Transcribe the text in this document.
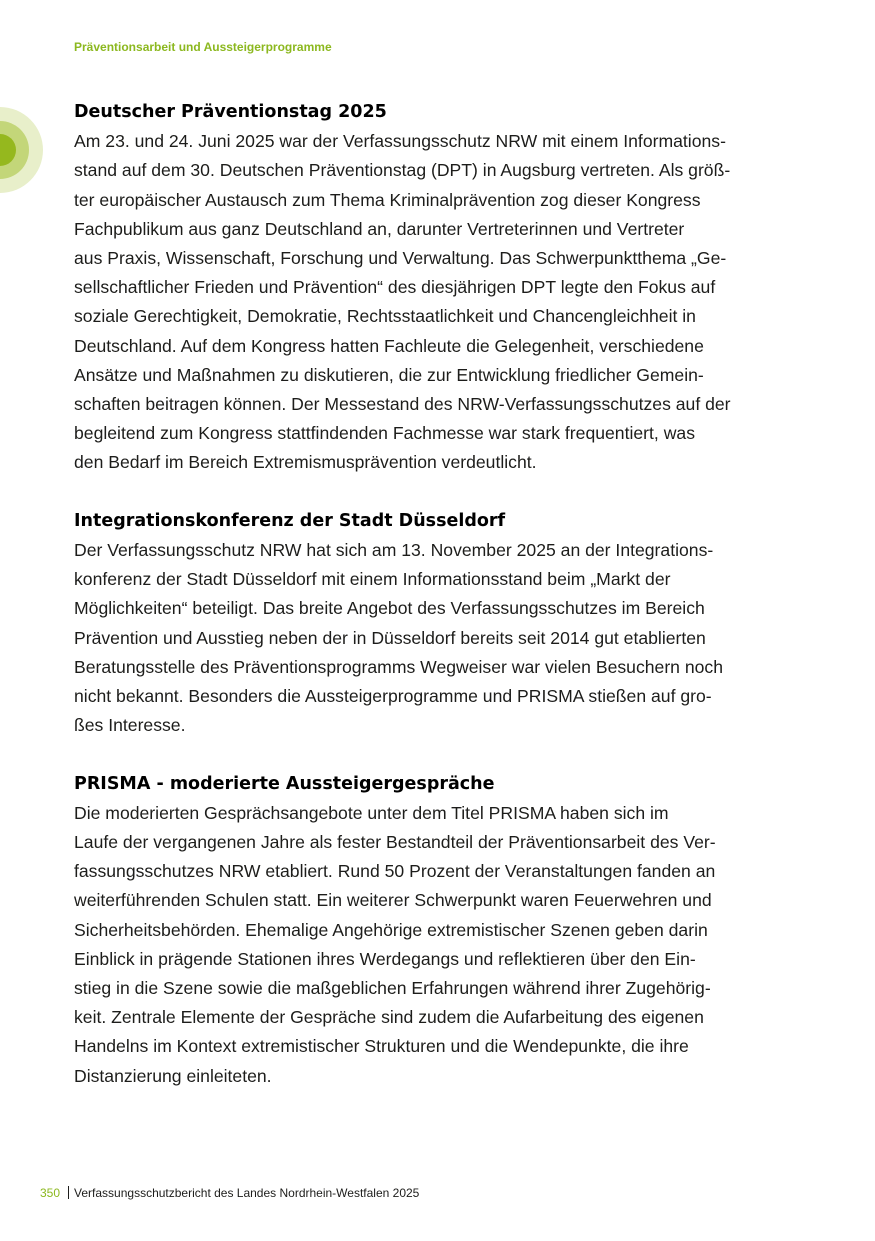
Präventionsarbeit und Aussteigerprogramme
Deutscher Präventionstag 2025
Am 23. und 24. Juni 2025 war der Verfassungsschutz NRW mit einem Informations-
stand auf dem 30. Deutschen Präventionstag (DPT) in Augsburg vertreten. Als größ-
ter europäischer Austausch zum Thema Kriminalprävention zog dieser Kongress
Fachpublikum aus ganz Deutschland an, darunter Vertreterinnen und Vertreter
aus Praxis, Wissenschaft, Forschung und Verwaltung. Das Schwerpunktthema „Ge-
sellschaftlicher Frieden und Prävention“ des diesjährigen DPT legte den Fokus auf
soziale Gerechtigkeit, Demokratie, Rechtsstaatlichkeit und Chancengleichheit in
Deutschland. Auf dem Kongress hatten Fachleute die Gelegenheit, verschiedene
Ansätze und Maßnahmen zu diskutieren, die zur Entwicklung friedlicher Gemein-
schaften beitragen können. Der Messestand des NRW-Verfassungsschutzes auf der
begleitend zum Kongress stattfindenden Fachmesse war stark frequentiert, was
den Bedarf im Bereich Extremismusprävention verdeutlicht.
Integrationskonferenz der Stadt Düsseldorf
Der Verfassungsschutz NRW hat sich am 13. November 2025 an der Integrations-
konferenz der Stadt Düsseldorf mit einem Informationsstand beim „Markt der
Möglichkeiten“ beteiligt. Das breite Angebot des Verfassungsschutzes im Bereich
Prävention und Ausstieg neben der in Düsseldorf bereits seit 2014 gut etablierten
Beratungsstelle des Präventionsprogramms Wegweiser war vielen Besuchern noch
nicht bekannt. Besonders die Aussteigerprogramme und PRISMA stießen auf gro-
ßes Interesse.
PRISMA - moderierte Aussteigergespräche
Die moderierten Gesprächsangebote unter dem Titel PRISMA haben sich im
Laufe der vergangenen Jahre als fester Bestandteil der Präventionsarbeit des Ver-
fassungsschutzes NRW etabliert. Rund 50 Prozent der Veranstaltungen fanden an
weiterführenden Schulen statt. Ein weiterer Schwerpunkt waren Feuerwehren und
Sicherheitsbehörden. Ehemalige Angehörige extremistischer Szenen geben darin
Einblick in prägende Stationen ihres Werdegangs und reflektieren über den Ein-
stieg in die Szene sowie die maßgeblichen Erfahrungen während ihrer Zugehörig-
keit. Zentrale Elemente der Gespräche sind zudem die Aufarbeitung des eigenen
Handelns im Kontext extremistischer Strukturen und die Wendepunkte, die ihre
Distanzierung einleiteten.
350 Verfassungsschutzbericht des Landes Nordrhein-Westfalen 2025
